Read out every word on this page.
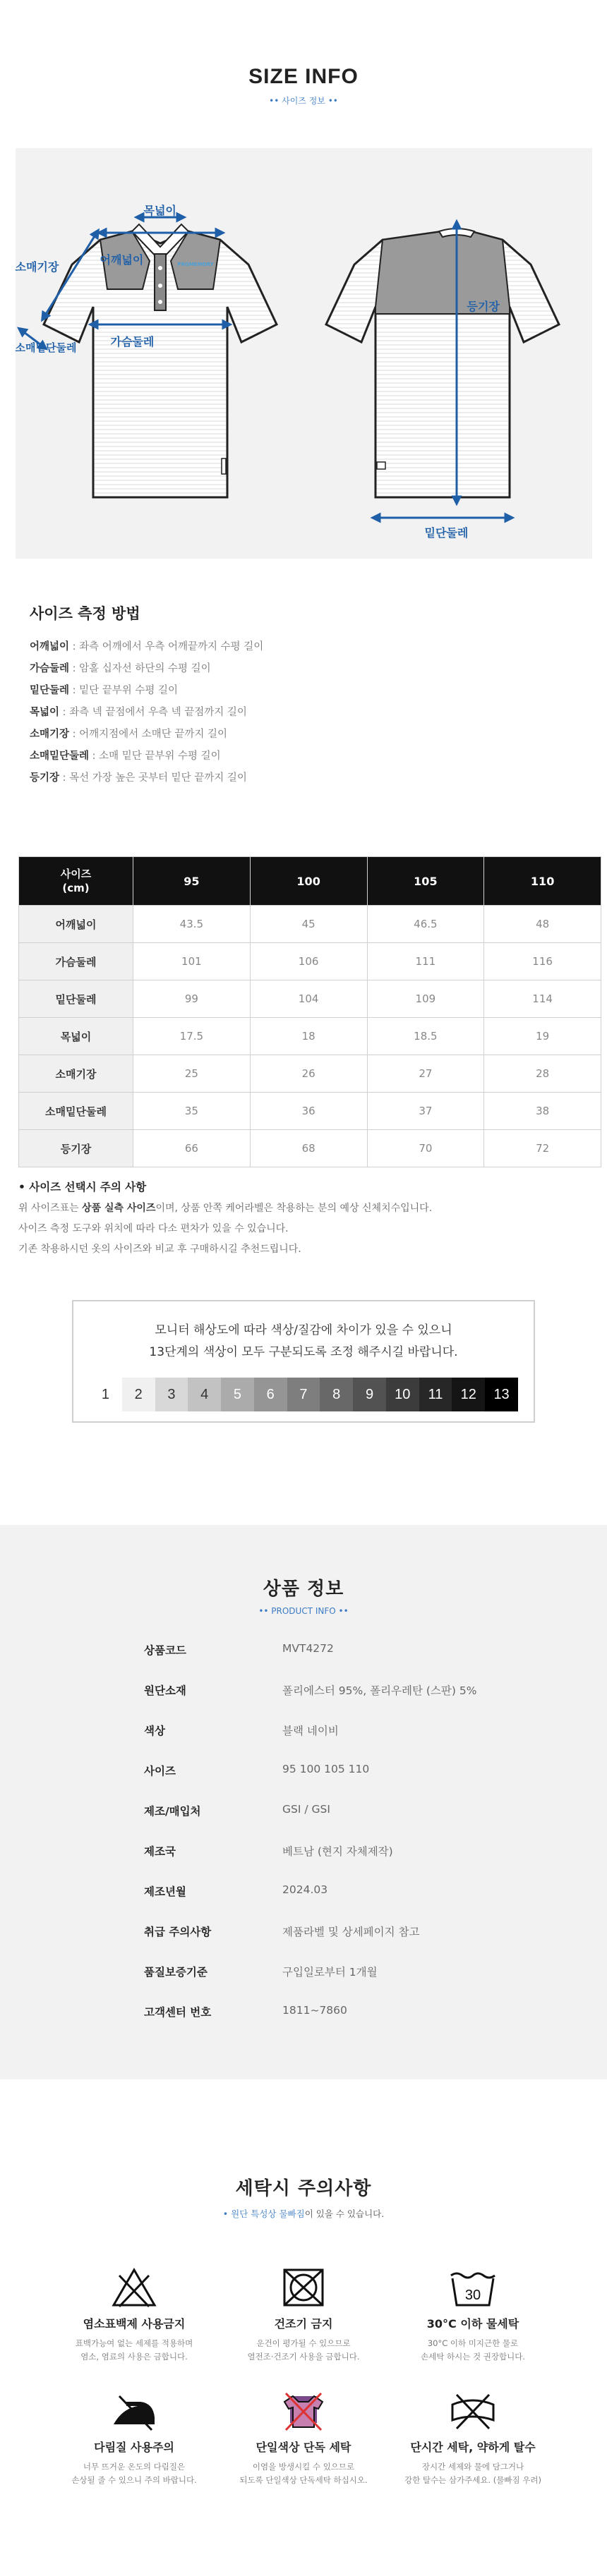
SIZE INFO
•• 사이즈 정보 ••
목넓이
어깨넓이
소매기장
가슴둘레
소매밑단둘레
PROMEMORY
등기장
밑단둘레
사이즈 측정 방법
어깨넓이 : 좌측 어깨에서 우측 어깨끝까지 수평 길이
가슴둘레 : 암홀 십자선 하단의 수평 길이
밑단둘레 : 밑단 끝부위 수평 길이
목넓이 : 좌측 넥 끝점에서 우측 넥 끝점까지 길이
소매기장 : 어깨지점에서 소매단 끝까지 길이
소매밑단둘레 : 소매 밑단 끝부위 수평 길이
등기장 : 목선 가장 높은 곳부터 밑단 끝까지 길이
사이즈
(cm)	95	100	105	110
어깨넓이	43.5	45	46.5	48
가슴둘레	101	106	111	116
밑단둘레	99	104	109	114
목넓이	17.5	18	18.5	19
소매기장	25	26	27	28
소매밑단둘레	35	36	37	38
등기장	66	68	70	72
• 사이즈 선택시 주의 사항

위 사이즈표는 상품 실측 사이즈이며, 상품 안쪽 케어라벨은 착용하는 분의 예상 신체치수입니다.

사이즈 측정 도구와 위치에 따라 다소 편차가 있을 수 있습니다.

기존 착용하시던 옷의 사이즈와 비교 후 구매하시길 추천드립니다.

모니터 해상도에 따라 색상/질감에 차이가 있을 수 있으니

13단계의 색상이 모두 구분되도록 조정 해주시길 바랍니다.

1	2	3	4	5	6	7	8	9	10	11	12	13
상품 정보
•• PRODUCT INFO ••
상품코드	MVT4272
원단소재	폴리에스터 95%, 폴리우레탄 (스판) 5%
색상	블랙 네이비
사이즈	95 100 105 110
제조/매입처	GSI / GSI
제조국	베트남 (현지 자체제작)
제조년월	2024.03
취급 주의사항	제품라벨 및 상세페이지 참고
품질보증기준	구입일로부터 1개월
고객센터 번호	1811~7860
세탁시 주의사항
• 원단 특성상 물빠짐이 있을 수 있습니다.
염소표백제 사용금지
표백가능여 없는 세제를 적용하며
염소, 염료의 사용은 금합니다.
건조기 금지
운건이 평가될 수 있으므로
열전조·건조기 사용을 금합니다.
30
30°C 이하 물세탁
30°C 이하 미지근한 물로
손세탁 하시는 것 권장합니다.
다림질 사용주의
너무 뜨거운 온도의 다림질은
손상될 줄 수 있으니 주의 바랍니다.
단일색상 단독 세탁
이염을 방생시킬 수 있으므로
되도록 단일색상 단독세탁 하십시오.
단시간 세탁, 약하게 탈수
장시간 세제와 물에 담그거나
강한 탈수는 삼가주세요. (물빠짐 우려)
